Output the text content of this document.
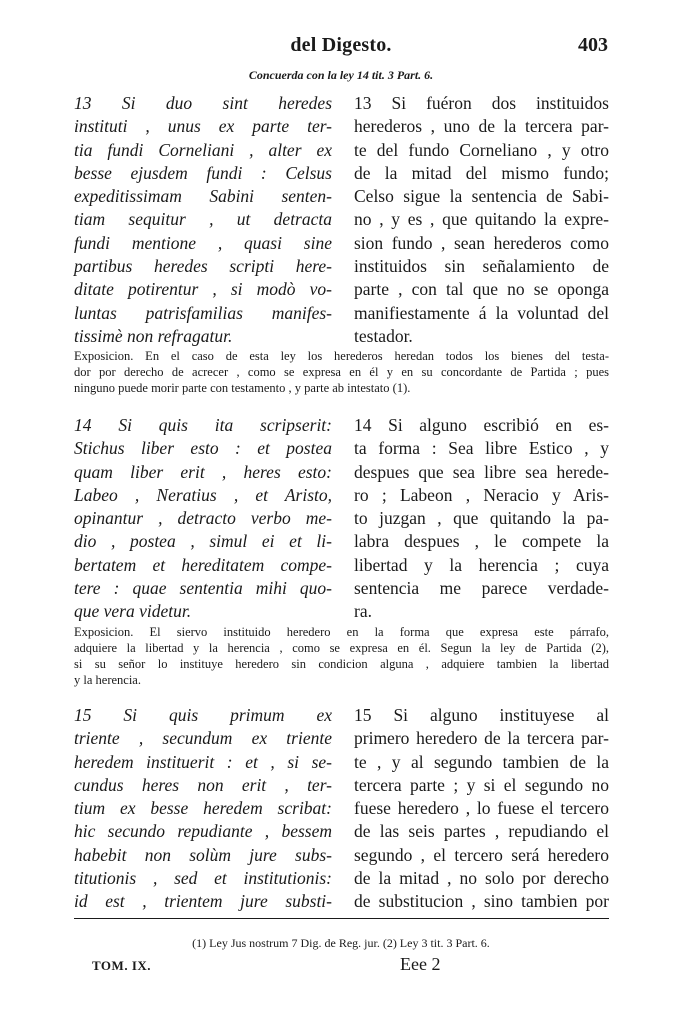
del Digesto.	403
Concuerda con la ley 14 tit. 3 Part. 6.
13 Si duo sint heredes
instituti , unus ex parte ter-
tia fundi Corneliani , alter ex
besse ejusdem fundi : Celsus
expeditissimam Sabini senten-
tiam sequitur , ut detracta
fundi mentione , quasi sine
partibus heredes scripti here-
ditate potirentur , si modò vo-
luntas patrisfamilias manifes-
tissimè non refragatur.
13 Si fuéron dos instituidos
herederos , uno de la tercera par-
te del fundo Corneliano , y otro
de la mitad del mismo fundo;
Celso sigue la sentencia de Sabi-
no , y es , que quitando la expre-
sion fundo , sean herederos como
instituidos sin señalamiento de
parte , con tal que no se oponga
manifiestamente á la voluntad del
testador.
Exposicion. En el caso de esta ley los herederos heredan todos los bienes del testa-
dor por derecho de acrecer , como se expresa en él y en su concordante de Partida ; pues
ninguno puede morir parte con testamento , y parte ab intestato (1).
14 Si quis ita scripserit:
Stichus liber esto : et postea
quam liber erit , heres esto:
Labeo , Neratius , et Aristo,
opinantur , detracto verbo me-
dio , postea , simul ei et li-
bertatem et hereditatem compe-
tere : quae sententia mihi quo-
que vera videtur.
14 Si alguno escribió en es-
ta forma : Sea libre Estico , y
despues que sea libre sea herede-
ro ; Labeon , Neracio y Aris-
to juzgan , que quitando la pa-
labra despues , le compete la
libertad y la herencia ; cuya
sentencia me parece verdade-
ra.
Exposicion. El siervo instituido heredero en la forma que expresa este párrafo,
adquiere la libertad y la herencia , como se expresa en él. Segun la ley de Partida (2),
si su señor lo instituye heredero sin condicion alguna , adquiere tambien la libertad
y la herencia.
15 Si quis primum ex
triente , secundum ex triente
heredem instituerit : et , si se-
cundus heres non erit , ter-
tium ex besse heredem scribat:
hic secundo repudiante , bessem
habebit non solùm jure subs-
titutionis , sed et institutionis:
id est , trientem jure substi-
15 Si alguno instituyese al
primero heredero de la tercera par-
te , y al segundo tambien de la
tercera parte ; y si el segundo no
fuese heredero , lo fuese el tercero
de las seis partes , repudiando el
segundo , el tercero será heredero
de la mitad , no solo por derecho
de substitucion , sino tambien por
(1) Ley Jus nostrum 7 Dig. de Reg. jur. (2) Ley 3 tit. 3 Part. 6.
TOM. IX.	Eee 2
